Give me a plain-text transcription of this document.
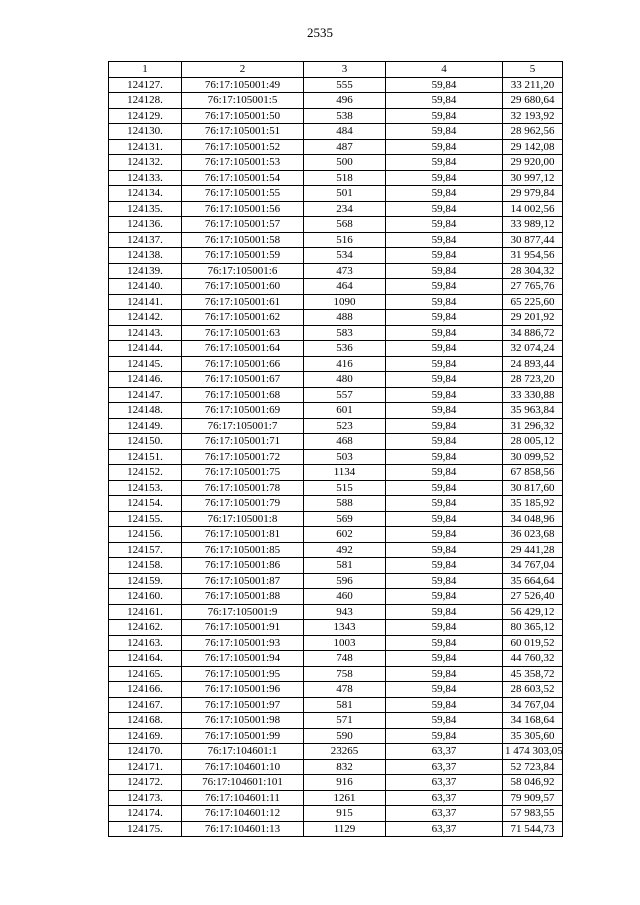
2535
1	2	3	4	5
124127.	76:17:105001:49	555	59,84	33 211,20
124128.	76:17:105001:5	496	59,84	29 680,64
124129.	76:17:105001:50	538	59,84	32 193,92
124130.	76:17:105001:51	484	59,84	28 962,56
124131.	76:17:105001:52	487	59,84	29 142,08
124132.	76:17:105001:53	500	59,84	29 920,00
124133.	76:17:105001:54	518	59,84	30 997,12
124134.	76:17:105001:55	501	59,84	29 979,84
124135.	76:17:105001:56	234	59,84	14 002,56
124136.	76:17:105001:57	568	59,84	33 989,12
124137.	76:17:105001:58	516	59,84	30 877,44
124138.	76:17:105001:59	534	59,84	31 954,56
124139.	76:17:105001:6	473	59,84	28 304,32
124140.	76:17:105001:60	464	59,84	27 765,76
124141.	76:17:105001:61	1090	59,84	65 225,60
124142.	76:17:105001:62	488	59,84	29 201,92
124143.	76:17:105001:63	583	59,84	34 886,72
124144.	76:17:105001:64	536	59,84	32 074,24
124145.	76:17:105001:66	416	59,84	24 893,44
124146.	76:17:105001:67	480	59,84	28 723,20
124147.	76:17:105001:68	557	59,84	33 330,88
124148.	76:17:105001:69	601	59,84	35 963,84
124149.	76:17:105001:7	523	59,84	31 296,32
124150.	76:17:105001:71	468	59,84	28 005,12
124151.	76:17:105001:72	503	59,84	30 099,52
124152.	76:17:105001:75	1134	59,84	67 858,56
124153.	76:17:105001:78	515	59,84	30 817,60
124154.	76:17:105001:79	588	59,84	35 185,92
124155.	76:17:105001:8	569	59,84	34 048,96
124156.	76:17:105001:81	602	59,84	36 023,68
124157.	76:17:105001:85	492	59,84	29 441,28
124158.	76:17:105001:86	581	59,84	34 767,04
124159.	76:17:105001:87	596	59,84	35 664,64
124160.	76:17:105001:88	460	59,84	27 526,40
124161.	76:17:105001:9	943	59,84	56 429,12
124162.	76:17:105001:91	1343	59,84	80 365,12
124163.	76:17:105001:93	1003	59,84	60 019,52
124164.	76:17:105001:94	748	59,84	44 760,32
124165.	76:17:105001:95	758	59,84	45 358,72
124166.	76:17:105001:96	478	59,84	28 603,52
124167.	76:17:105001:97	581	59,84	34 767,04
124168.	76:17:105001:98	571	59,84	34 168,64
124169.	76:17:105001:99	590	59,84	35 305,60
124170.	76:17:104601:1	23265	63,37	1 474 303,05
124171.	76:17:104601:10	832	63,37	52 723,84
124172.	76:17:104601:101	916	63,37	58 046,92
124173.	76:17:104601:11	1261	63,37	79 909,57
124174.	76:17:104601:12	915	63,37	57 983,55
124175.	76:17:104601:13	1129	63,37	71 544,73
